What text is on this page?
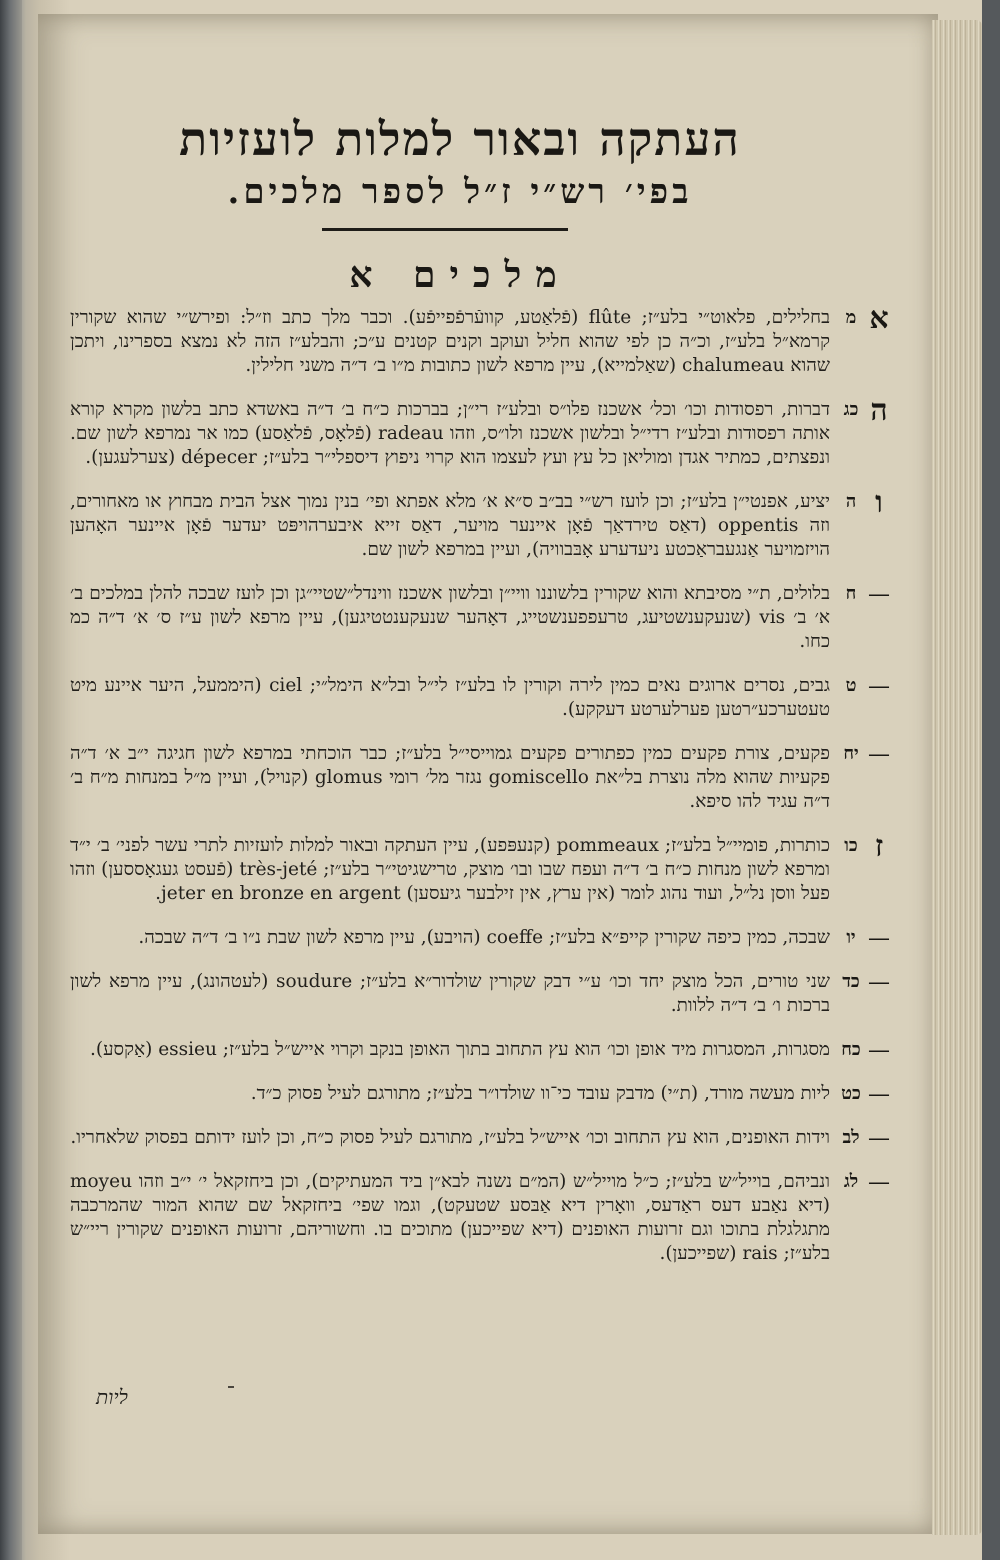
העתקה ובאור למלות לועזיות
בפי׳ רש״י ז״ל לספר מלכים.
מלכים א
א
מ
בחלילים, פלאוט״י בלע״ז; flûte (פֿלאַטע, קוועֿרפֿפייפֿע). וכבר מלך כתב וז״ל: ופירש״י שהוא שקורין קרמא״ל בלע״ז, וכ״ה כן לפי שהוא חליל ועוקב וקנים קטנים ע״כ; והבלע״ז הזה לא נמצא בספרינו, ויתכן שהוא chalumeau (שאַלמייא), עיין מרפא לשון כתובות מ״ו ב׳ ד״ה משני חלילין.
ה
כג
דברות, רפסודות וכו׳ וכל׳ אשכנז פלו״ס ובלע״ז רי״ן; בברכות כ״ח ב׳ ד״ה באשדא כתב בלשון מקרא קורא אותה רפסודות ובלע״ז רדי״ל ובלשון אשכנז ולו״ס, וזהו radeau (פֿלאָס, פֿלאַסע) כמו אר נמרפא לשון שם. ונפצתים, כמתיר אגדן ומוליאן כל עץ ועץ לעצמו הוא קרוי ניפוץ דיספלי״ר בלע״ז; dépecer (צערלעגען).
ו
ה
יציע, אפנטי״ן בלע״ז; וכן לועז רש״י בב״ב ס״א א׳ מלא אפתא ופי׳ בנין נמוך אצל הבית מבחוץ או מאחורים, וזה oppentis (דאַס טירדאַך פֿאָן איינער מויער, דאַס זייא איבערהויפּט יעדער פֿאָן איינער האָהען הויזמויער אַנגעבראַכטע ניעדערע אָבּבוויה), ועיין במרפא לשון שם.
—
ח
בלולים, ת״י מסיבתא והוא שקורין בלשוננו וויי״ן ובלשון אשכנז ווינדל״שטיי״גן וכן לועז שבכה להלן במלכים ב׳ א׳ ב׳ vis (שנעקענשטיעג, טרעפפענשטייג, דאָהער שנעקענטטיגען), עיין מרפא לשון ע״ז ס׳ א׳ ד״ה כמ כחו.
—
ט
גבים, נסרים ארוגים נאים כמין לירה וקורין לו בלע״ז לי״ל ובל״א הימל״י; ciel (היממעל, היער איינע מיט טעטערכע״רטען פערלערטע דעקקע).
—
יח
פקעים, צורת פקעים כמין כפתורים פקעים גמוייסי״ל בלע״ז; כבר הוכחתי במרפא לשון חגיגה י״ב א׳ ד״ה פקעיות שהוא מלה נוצרת בל״את gomiscello נגזר מל׳ רומי glomus (קנויל), ועיין מ״ל במנחות מ״ח ב׳ ד״ה עגיד להו סיפא.
ז
כו
כותרות, פומיי״ל בלע״ז; pommeaux (קנעפּפע), עיין העתקה ובאור למלות לועזיות לתרי עשר לפני׳ ב׳ י״ד ומרפא לשון מנחות כ״ח ב׳ ד״ה ועפח שבו ובו׳ מוצק, טרישגיטי״ר בלע״ז; très-jeté (פֿעסט געגאָססען) וזהו פעל ווסן נל״ל, ועוד נהוג לומר (אין ערץ, אין זילבער גיעסען) jeter en bronze en argent.
—
יו
שבכה, כמין כיפה שקורין קייפ״א בלע״ז; coeffe (הויבע), עיין מרפא לשון שבת נ״ו ב׳ ד״ה שבכה.
—
כד
שני טורים, הכל מוצק יחד וכו׳ ע״י דבק שקורין שולדור״א בלע״ז; soudure (לעטהונג), עיין מרפא לשון ברכות ו׳ ב׳ ד״ה ללוות.
—
כח
מסגרות, המסגרות מיד אופן וכו׳ הוא עץ התחוב בתוך האופן בנקב וקרוי אייש״ל בלע״ז; essieu (אַקסע).
—
כט
ליות מעשה מורד, (ת״י) מדבק עובד כי־וו שולדו״ר בלע״ז; מתורגם לעיל פסוק כ״ד.
—
לב
וידות האופנים, הוא עץ התחוב וכו׳ אייש״ל בלע״ז, מתורגם לעיל פסוק כ״ח, וכן לועז ידותם בפסוק שלאחריו.
—
לג
ונביהם, בוייל״ש בלע״ז; כ״ל מוייל״ש (המ״ם נשנה לבא״ן ביד המעתיקים), וכן ביחזקאל י׳ י״ב וזהו moyeu (דיא נאַבע דעס ראַדעס, וואָרין דיא אַבּסע שטעקט), וגמו שפי׳ ביחזקאל שם שהוא המור שהמרכבה מתגלגלת בתוכו וגם זרועות האופנים (דיא שפייכען) מתוכים בו. וחשוריהם, זרועות האופנים שקורין ריי״ש בלע״ז; rais (שפייכען).
ליות
